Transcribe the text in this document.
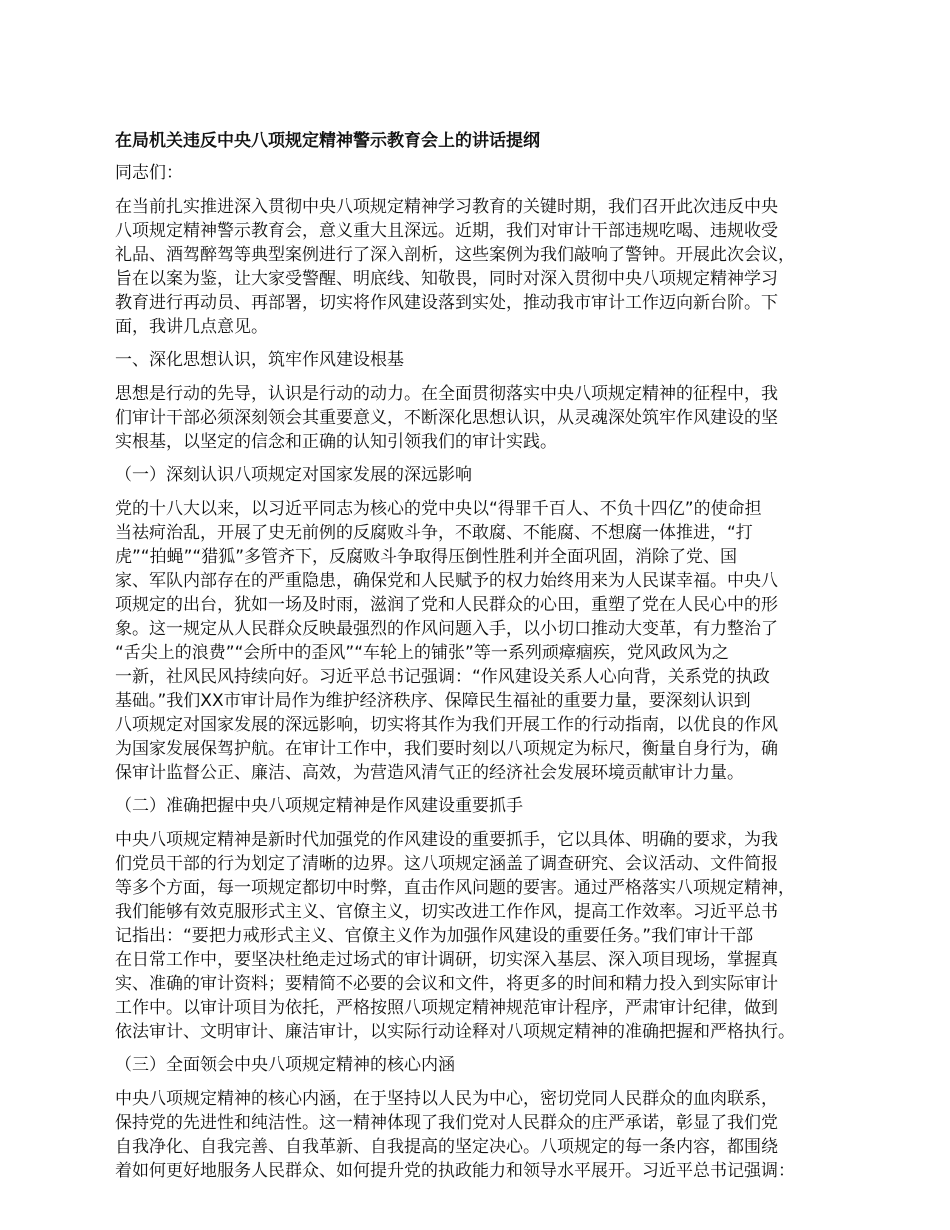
在局机关违反中央八项规定精神警示教育会上的讲话提纲
同志们：
在当前扎实推进深入贯彻中央八项规定精神学习教育的关键时期，我们召开此次违反中央
八项规定精神警示教育会，意义重大且深远。近期，我们对审计干部违规吃喝、违规收受
礼品、酒驾醉驾等典型案例进行了深入剖析，这些案例为我们敲响了警钟。开展此次会议，
旨在以案为鉴，让大家受警醒、明底线、知敬畏，同时对深入贯彻中央八项规定精神学习
教育进行再动员、再部署，切实将作风建设落到实处，推动我市审计工作迈向新台阶。下
面，我讲几点意见。
一、深化思想认识，筑牢作风建设根基
思想是行动的先导，认识是行动的动力。在全面贯彻落实中央八项规定精神的征程中，我
们审计干部必须深刻领会其重要意义，不断深化思想认识，从灵魂深处筑牢作风建设的坚
实根基，以坚定的信念和正确的认知引领我们的审计实践。
（一）深刻认识八项规定对国家发展的深远影响
党的十八大以来，以习近平同志为核心的党中央以“得罪千百人、不负十四亿”的使命担
当祛疴治乱，开展了史无前例的反腐败斗争，不敢腐、不能腐、不想腐一体推进，“打
虎”“拍蝇”“猎狐”多管齐下，反腐败斗争取得压倒性胜利并全面巩固，消除了党、国
家、军队内部存在的严重隐患，确保党和人民赋予的权力始终用来为人民谋幸福。中央八
项规定的出台，犹如一场及时雨，滋润了党和人民群众的心田，重塑了党在人民心中的形
象。这一规定从人民群众反映最强烈的作风问题入手，以小切口推动大变革，有力整治了
“舌尖上的浪费”“会所中的歪风”“车轮上的铺张”等一系列顽瘴痼疾，党风政风为之
一新，社风民风持续向好。习近平总书记强调：“作风建设关系人心向背，关系党的执政
基础。”我们XX市审计局作为维护经济秩序、保障民生福祉的重要力量，要深刻认识到
八项规定对国家发展的深远影响，切实将其作为我们开展工作的行动指南，以优良的作风
为国家发展保驾护航。在审计工作中，我们要时刻以八项规定为标尺，衡量自身行为，确
保审计监督公正、廉洁、高效，为营造风清气正的经济社会发展环境贡献审计力量。
（二）准确把握中央八项规定精神是作风建设重要抓手
中央八项规定精神是新时代加强党的作风建设的重要抓手，它以具体、明确的要求，为我
们党员干部的行为划定了清晰的边界。这八项规定涵盖了调查研究、会议活动、文件简报
等多个方面，每一项规定都切中时弊，直击作风问题的要害。通过严格落实八项规定精神，
我们能够有效克服形式主义、官僚主义，切实改进工作作风，提高工作效率。习近平总书
记指出：“要把力戒形式主义、官僚主义作为加强作风建设的重要任务。”我们审计干部
在日常工作中，要坚决杜绝走过场式的审计调研，切实深入基层、深入项目现场，掌握真
实、准确的审计资料；要精简不必要的会议和文件，将更多的时间和精力投入到实际审计
工作中。以审计项目为依托，严格按照八项规定精神规范审计程序，严肃审计纪律，做到
依法审计、文明审计、廉洁审计，以实际行动诠释对八项规定精神的准确把握和严格执行。
（三）全面领会中央八项规定精神的核心内涵
中央八项规定精神的核心内涵，在于坚持以人民为中心，密切党同人民群众的血肉联系，
保持党的先进性和纯洁性。这一精神体现了我们党对人民群众的庄严承诺，彰显了我们党
自我净化、自我完善、自我革新、自我提高的坚定决心。八项规定的每一条内容，都围绕
着如何更好地服务人民群众、如何提升党的执政能力和领导水平展开。习近平总书记强调：
